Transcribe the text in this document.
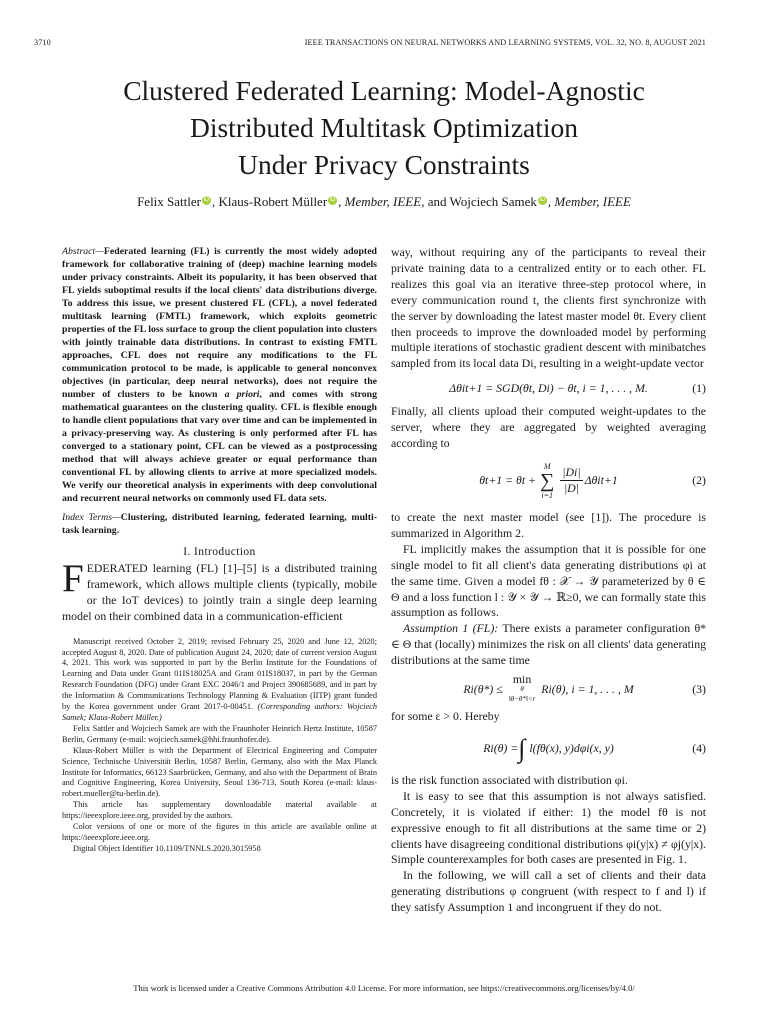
3710	IEEE TRANSACTIONS ON NEURAL NETWORKS AND LEARNING SYSTEMS, VOL. 32, NO. 8, AUGUST 2021
Clustered Federated Learning: Model-Agnostic
Distributed Multitask Optimization
Under Privacy Constraints
Felix Sattler iD , Klaus-Robert Müller iD , Member, IEEE, and Wojciech Samek iD , Member, IEEE

Abstract—Federated learning (FL) is currently the most widely adopted framework for collaborative training of (deep) machine learning models under privacy constraints. Albeit its popularity, it has been observed that FL yields suboptimal results if the local clients' data distributions diverge. To address this issue, we present clustered FL (CFL), a novel federated multitask learning (FMTL) framework, which exploits geometric properties of the FL loss surface to group the client population into clusters with jointly trainable data distributions. In contrast to existing FMTL approaches, CFL does not require any modifications to the FL communication protocol to be made, is applicable to general nonconvex objectives (in particular, deep neural networks), does not require the number of clusters to be known a priori, and comes with strong mathematical guarantees on the clustering quality. CFL is flexible enough to handle client populations that vary over time and can be implemented in a privacy-preserving way. As clustering is only performed after FL has converged to a stationary point, CFL can be viewed as a postprocessing method that will always achieve greater or equal performance than conventional FL by allowing clients to arrive at more specialized models. We verify our theoretical analysis in experiments with deep convolutional and recurrent neural networks on commonly used FL data sets.

Index Terms—Clustering, distributed learning, federated learning, multi-task learning.

I. Introduction

FEDERATED learning (FL) [1]–[5] is a distributed training framework, which allows multiple clients (typically, mobile or the IoT devices) to jointly train a single deep learning model on their combined data in a communication-efficient

Manuscript received October 2, 2019; revised February 25, 2020 and June 12, 2020; accepted August 8, 2020. Date of publication August 24, 2020; date of current version August 4, 2021. This work was supported in part by the Berlin Institute for the Foundations of Learning and Data under Grant 01IS18025A and Grant 01IS18037, in part by the German Research Foundation (DFG) under Grant EXC 2046/1 and Project 390685689, and in part by the Information & Communications Technology Planning & Evaluation (IITP) grant funded by the Korea government under Grant 2017-0-00451. (Corresponding authors: Wojciech Samek; Klaus-Robert Müller.)

Felix Sattler and Wojciech Samek are with the Fraunhofer Heinrich Hertz Institute, 10587 Berlin, Germany (e-mail: wojciech.samek@hhi.fraunhofer.de).

Klaus-Robert Müller is with the Department of Electrical Engineering and Computer Science, Technische Universität Berlin, 10587 Berlin, Germany, also with the Max Planck Institute for Informatics, 66123 Saarbrücken, Germany, and also with the Department of Brain and Cognitive Engineering, Korea University, Seoul 136-713, South Korea (e-mail: klaus-robert.mueller@tu-berlin.de).

This article has supplementary downloadable material available at https://ieeexplore.ieee.org, provided by the authors.

Color versions of one or more of the figures in this article are available online at https://ieeexplore.ieee.org.

Digital Object Identifier 10.1109/TNNLS.2020.3015958

way, without requiring any of the participants to reveal their private training data to a centralized entity or to each other. FL realizes this goal via an iterative three-step protocol where, in every communication round t, the clients first synchronize with the server by downloading the latest master model θt. Every client then proceeds to improve the downloaded model by performing multiple iterations of stochastic gradient descent with minibatches sampled from its local data Di, resulting in a weight-update vector

Δθit+1 = SGD(θt, Di) − θt, i = 1, . . . , M.	(1)

Finally, all clients upload their computed weight-updates to the server, where they are aggregated by weighted averaging according to

θt+1 = θt +
M
∑
$i=1 \frac{|Di|}{|D|} \Delta\theta it+1$	(2)

to create the next master model (see [1]). The procedure is summarized in Algorithm 2.

FL implicitly makes the assumption that it is possible for one single model to fit all client's data generating distributions φi at the same time. Given a model fθ : 𝒳 → 𝒴 parameterized by θ ∈ Θ and a loss function l : 𝒴 × 𝒴 → ℝ≥0, we can formally state this assumption as follows.

Assumption 1 (FL): There exists a parameter configuration θ* ∈ Θ that (locally) minimizes the risk on all clients' data generating distributions at the same time

Ri(θ*) ≤
min
θ
‖θ−θ*‖<r
Ri(θ), i = 1, . . . , M	(3)

for some ε > 0. Hereby

Ri(θ) = ∫ l(fθ(x), y)dφi(x, y)	(4)

is the risk function associated with distribution φi.

It is easy to see that this assumption is not always satisfied. Concretely, it is violated if either: 1) the model fθ is not expressive enough to fit all distributions at the same time or 2) clients have disagreeing conditional distributions φi(y|x) ≠ φj(y|x). Simple counterexamples for both cases are presented in Fig. 1.

In the following, we will call a set of clients and their data generating distributions φ congruent (with respect to f and l) if they satisfy Assumption 1 and incongruent if they do not.

This work is licensed under a Creative Commons Attribution 4.0 License. For more information, see https://creativecommons.org/licenses/by/4.0/
